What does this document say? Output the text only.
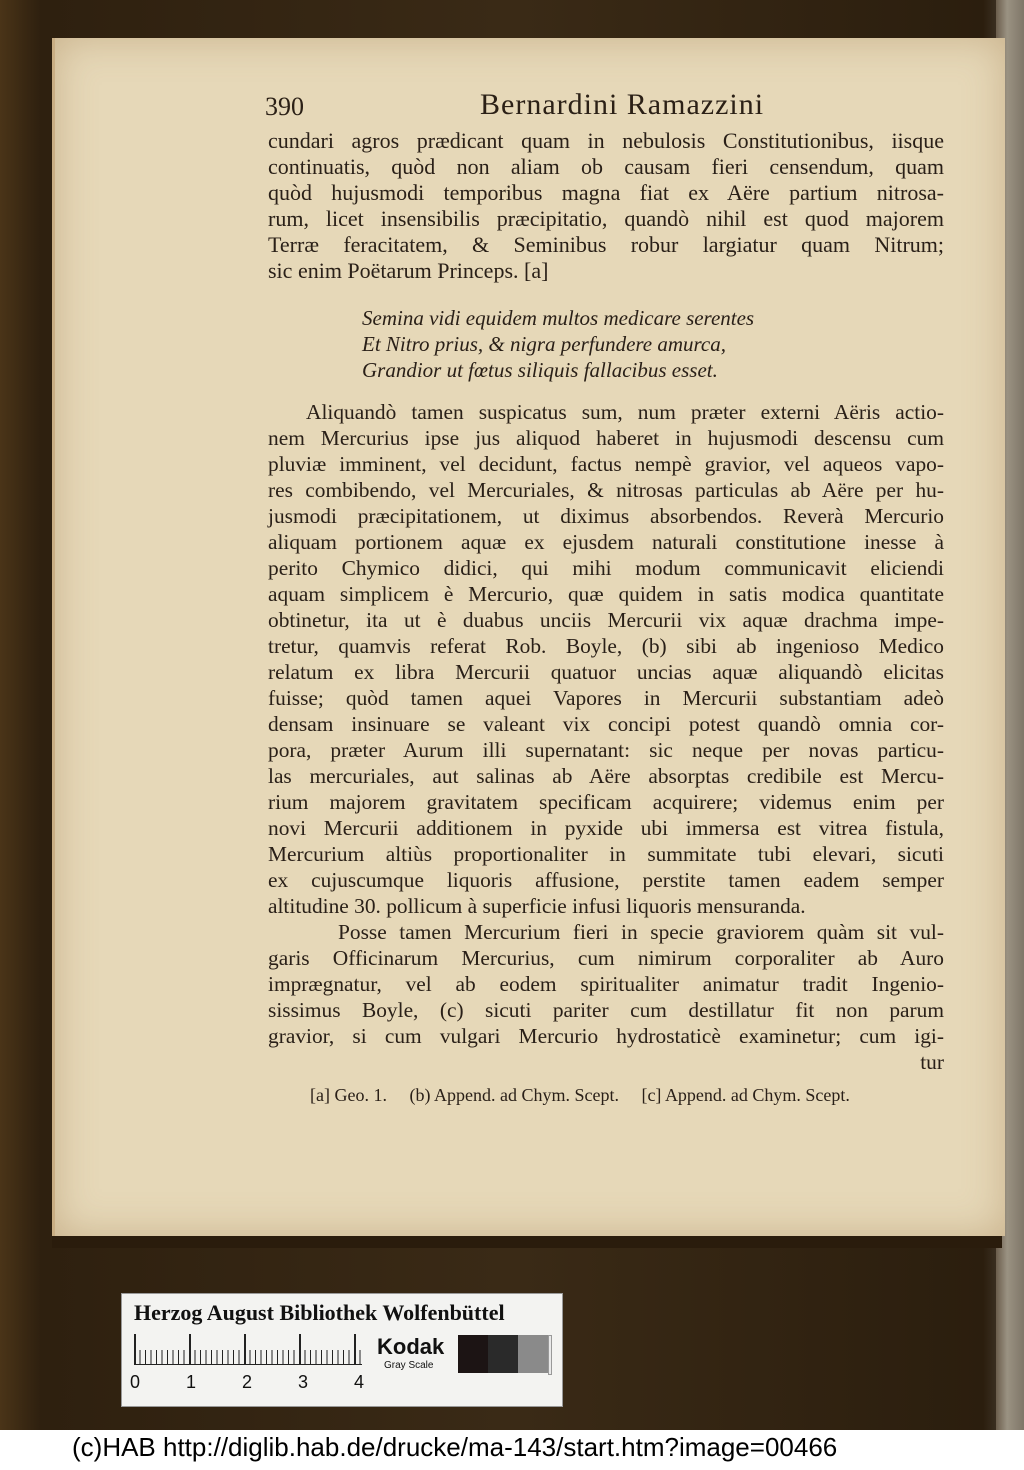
390	Bernardini Ramazzini
cundari agros prædicant quam in nebulosis Constitutionibus, iisque
continuatis, quòd non aliam ob causam fieri censendum, quam
quòd hujusmodi temporibus magna fiat ex Aëre partium nitrosa-
rum, licet insensibilis præcipitatio, quandò nihil est quod majorem
Terræ feracitatem, & Seminibus robur largiatur quam Nitrum;
sic enim Poëtarum Princeps. [a]
Semina vidi equidem multos medicare serentes
Et Nitro prius, & nigra perfundere amurca,
Grandior ut fœtus siliquis fallacibus esset.
Aliquandò tamen suspicatus sum, num præter externi Aëris actio-
nem Mercurius ipse jus aliquod haberet in hujusmodi descensu cum
pluviæ imminent, vel decidunt, factus nempè gravior, vel aqueos vapo-
res combibendo, vel Mercuriales, & nitrosas particulas ab Aëre per hu-
jusmodi præcipitationem, ut diximus absorbendos. Reverà Mercurio
aliquam portionem aquæ ex ejusdem naturali constitutione inesse à
perito Chymico didici, qui mihi modum communicavit eliciendi
aquam simplicem è Mercurio, quæ quidem in satis modica quantitate
obtinetur, ita ut è duabus unciis Mercurii vix aquæ drachma impe-
tretur, quamvis referat Rob. Boyle, (b) sibi ab ingenioso Medico
relatum ex libra Mercurii quatuor uncias aquæ aliquandò elicitas
fuisse; quòd tamen aquei Vapores in Mercurii substantiam adeò
densam insinuare se valeant vix concipi potest quandò omnia cor-
pora, præter Aurum illi supernatant: sic neque per novas particu-
las mercuriales, aut salinas ab Aëre absorptas credibile est Mercu-
rium majorem gravitatem specificam acquirere; videmus enim per
novi Mercurii additionem in pyxide ubi immersa est vitrea fistula,
Mercurium altiùs proportionaliter in summitate tubi elevari, sicuti
ex cujuscumque liquoris affusione, perstite tamen eadem semper
altitudine 30. pollicum à superficie infusi liquoris mensuranda.
Posse tamen Mercurium fieri in specie graviorem quàm sit vul-
garis Officinarum Mercurius, cum nimirum corporaliter ab Auro
imprægnatur, vel ab eodem spiritualiter animatur tradit Ingenio-
sissimus Boyle, (c) sicuti pariter cum destillatur fit non parum
gravior, si cum vulgari Mercurio hydrostaticè examinetur; cum igi-
tur
[a] Geo. 1. (b) Append. ad Chym. Scept. [c] Append. ad Chym. Scept.
Herzog August Bibliothek Wolfenbüttel
0	1	2	3	4
Kodak
Gray Scale
(c)HAB http://diglib.hab.de/drucke/ma-143/start.htm?image=00466
